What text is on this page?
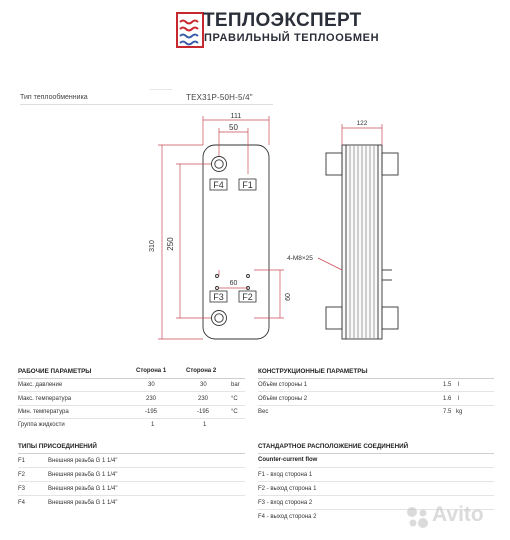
ТЕПЛОЭКСПЕРТ
ПРАВИЛЬНЫЙ ТЕПЛООБМЕН
Тип теплообменника	TEX31P-50H-5/4"
F4 F1
F3 F2
111
50
310 250
60
60
122
4-M8×25
РАБОЧИЕ ПАРАМЕТРЫ	Сторона 1	Сторона 2
Макс. давление	30	30	bar
Макс. температура	230	230	°C
Мин. температура	-195	-195	°C
Группа жидкости	1	1
КОНСТРУКЦИОННЫЕ ПАРАМЕТРЫ
Объём стороны 1	1.5 l
Объём стороны 2	1.6 l
Вес	7.5 kg
ТИПЫ ПРИСОЕДИНЕНИЙ
F1	Внешняя резьба G 1 1/4"
F2	Внешняя резьба G 1 1/4"
F3	Внешняя резьба G 1 1/4"
F4	Внешняя резьба G 1 1/4"
СТАНДАРТНОЕ РАСПОЛОЖЕНИЕ СОЕДИНЕНИЙ
Counter-current flow
F1 - вход сторона 1
F2 - выход сторона 1
F3 - вход сторона 2
F4 - выход сторона 2	Avito
